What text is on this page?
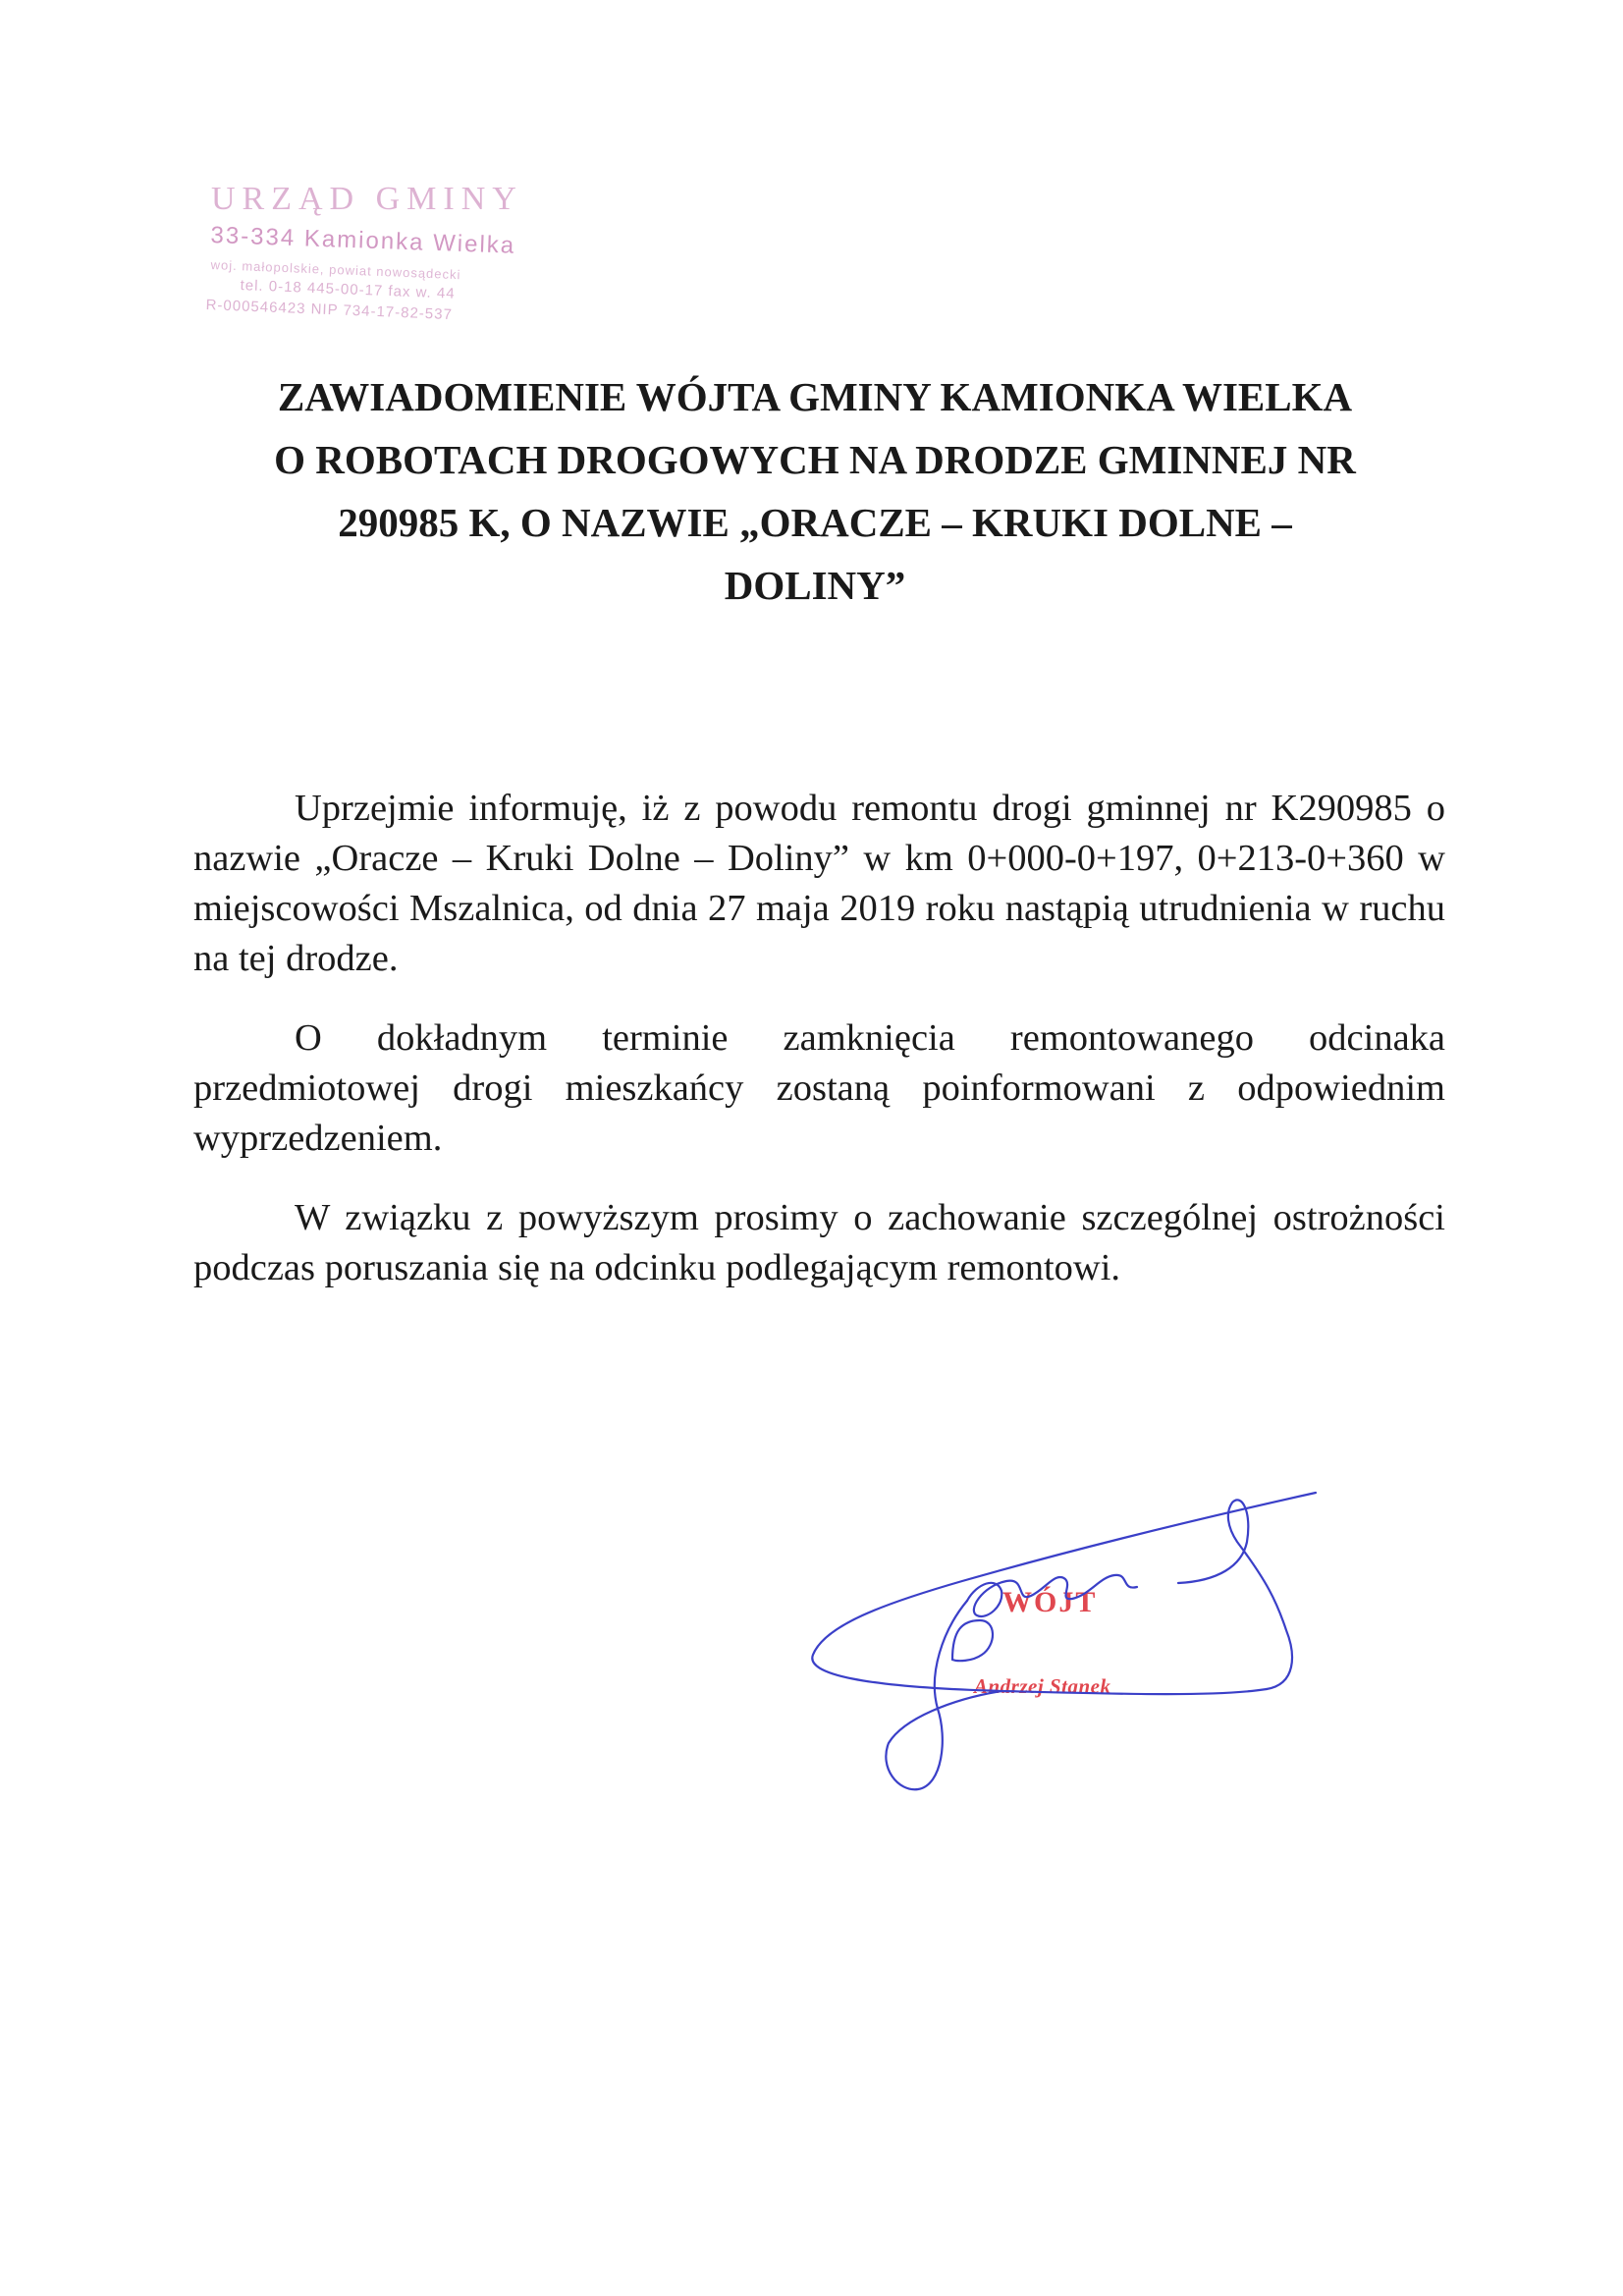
URZĄD GMINY
33-334 Kamionka Wielka
woj. małopolskie, powiat nowosądecki
tel. 0-18 445-00-17 fax w. 44
R-000546423 NIP 734-17-82-537
ZAWIADOMIENIE WÓJTA GMINY KAMIONKA WIELKA
O ROBOTACH DROGOWYCH NA DRODZE GMINNEJ NR
290985 K, O NAZWIE „ORACZE – KRUKI DOLNE –
DOLINY”

Uprzejmie informuję, iż z powodu remontu drogi gminnej nr K290985 o nazwie „Oracze – Kruki Dolne – Doliny” w km 0+000-0+197, 0+213-0+360 w miejscowości Mszalnica, od dnia 27 maja 2019 roku nastąpią utrudnienia w ruchu na tej drodze.

O dokładnym terminie zamknięcia remontowanego odcinaka przedmiotowej drogi mieszkańcy zostaną poinformowani z odpowiednim wyprzedzeniem.

W związku z powyższym prosimy o zachowanie szczególnej ostrożności podczas poruszania się na odcinku podlegającym remontowi.

WÓJT
Andrzej Stanek
